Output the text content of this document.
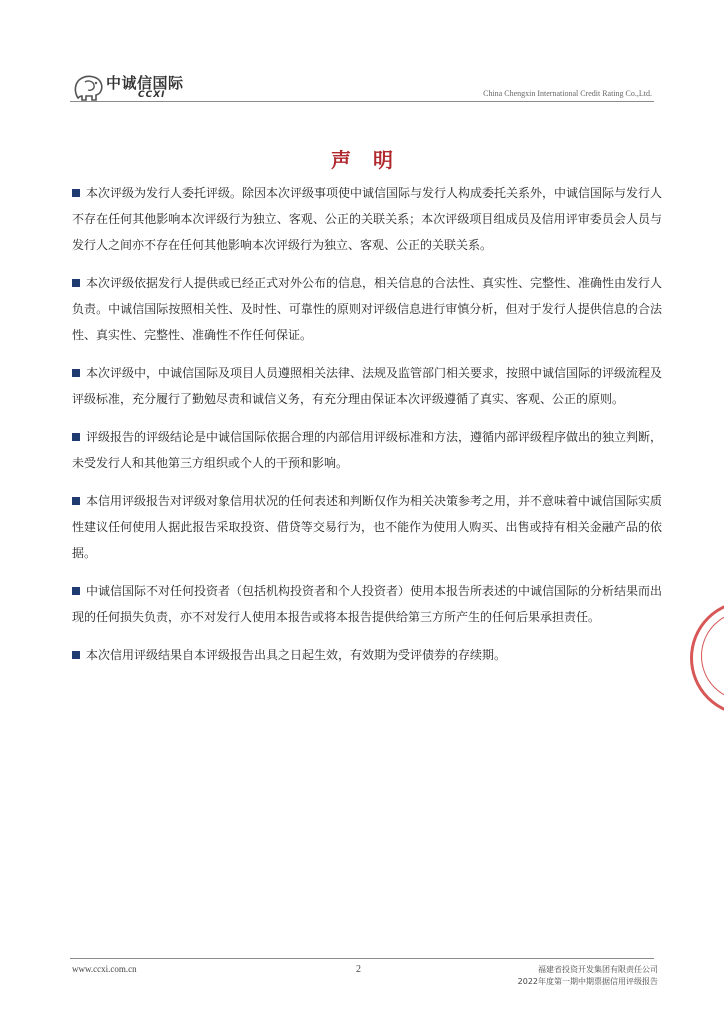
中诚信国际
CCXI	China Chengxin International Credit Rating Co.,Ltd.
声明

本次评级为发行人委托评级。除因本次评级事项使中诚信国际与发行人构成委托关系外，中诚信国际与发行人不存在任何其他影响本次评级行为独立、客观、公正的关联关系；本次评级项目组成员及信用评审委员会人员与发行人之间亦不存在任何其他影响本次评级行为独立、客观、公正的关联关系。

本次评级依据发行人提供或已经正式对外公布的信息，相关信息的合法性、真实性、完整性、准确性由发行人负责。中诚信国际按照相关性、及时性、可靠性的原则对评级信息进行审慎分析，但对于发行人提供信息的合法性、真实性、完整性、准确性不作任何保证。

本次评级中，中诚信国际及项目人员遵照相关法律、法规及监管部门相关要求，按照中诚信国际的评级流程及评级标准，充分履行了勤勉尽责和诚信义务，有充分理由保证本次评级遵循了真实、客观、公正的原则。

评级报告的评级结论是中诚信国际依据合理的内部信用评级标准和方法，遵循内部评级程序做出的独立判断，未受发行人和其他第三方组织或个人的干预和影响。

本信用评级报告对评级对象信用状况的任何表述和判断仅作为相关决策参考之用，并不意味着中诚信国际实质性建议任何使用人据此报告采取投资、借贷等交易行为，也不能作为使用人购买、出售或持有相关金融产品的依据。

中诚信国际不对任何投资者（包括机构投资者和个人投资者）使用本报告所表述的中诚信国际的分析结果而出现的任何损失负责，亦不对发行人使用本报告或将本报告提供给第三方所产生的任何后果承担责任。

本次信用评级结果自本评级报告出具之日起生效，有效期为受评债券的存续期。

www.ccxi.com.cn	2	福建省投资开发集团有限责任公司
2022年度第一期中期票据信用评级报告
